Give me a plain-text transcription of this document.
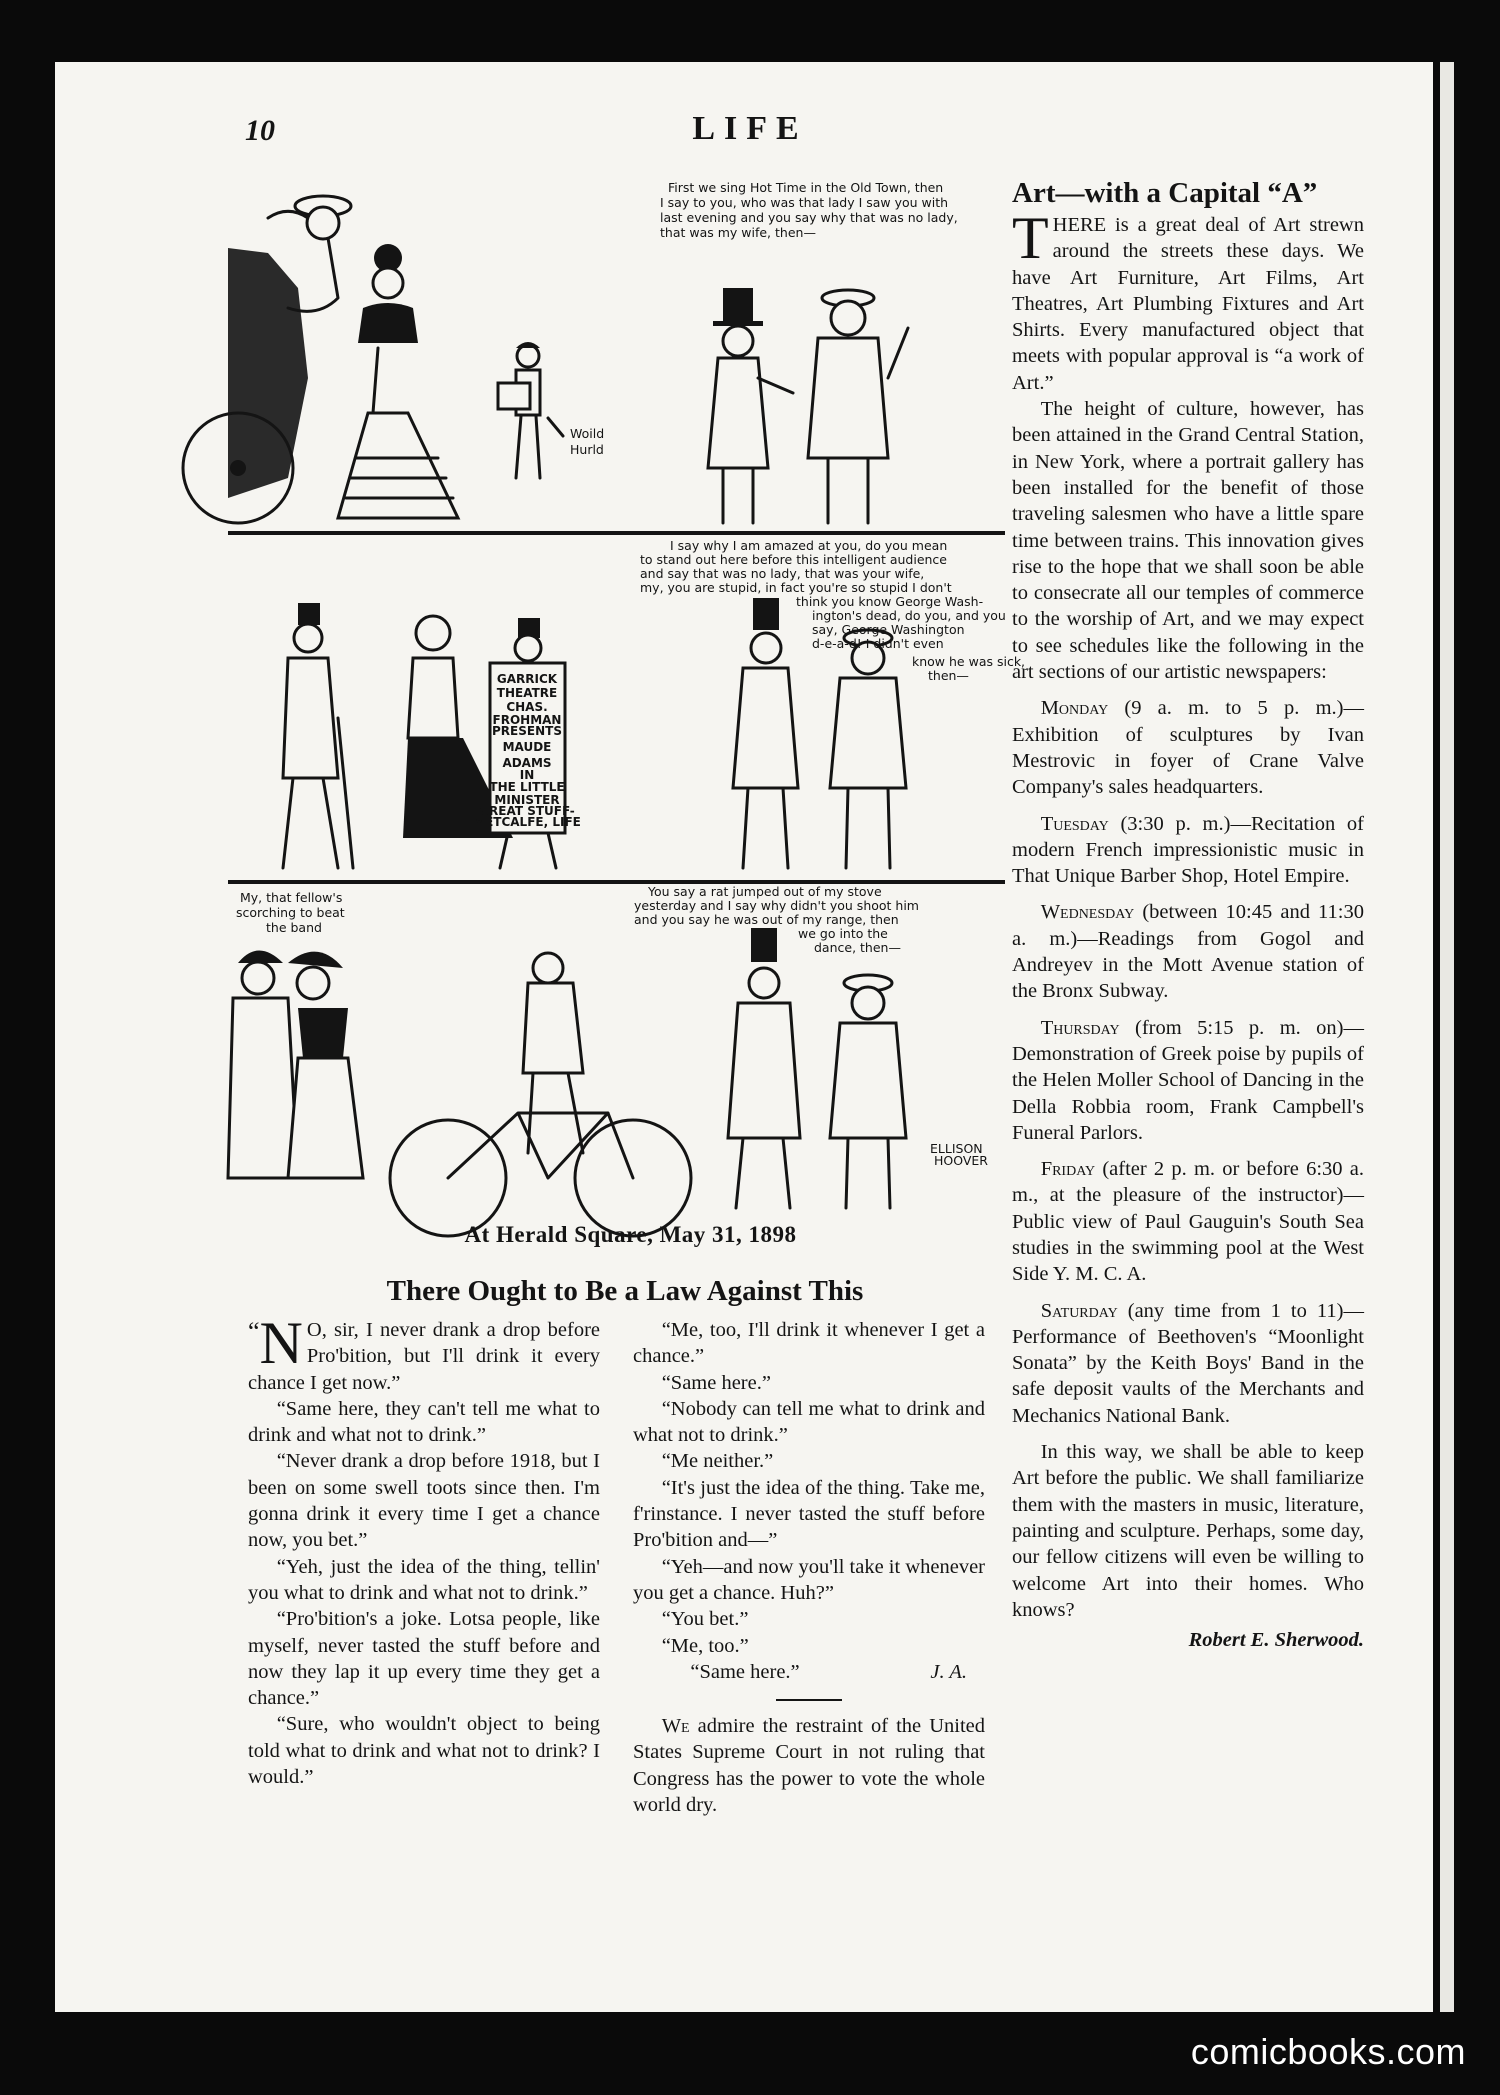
10	LIFE
Woild
Hurld
First we sing Hot Time in the Old Town, then
I say to you, who was that lady I saw you with
last evening and you say why that was no lady,
that was my wife, then—
GARRICK
THEATRE
CHAS.
FROHMAN
PRESENTS
MAUDE
ADAMS
IN
THE LITTLE
MINISTER
GREAT STUFF-
METCALFE, LIFE
I say why I am amazed at you, do you mean
to stand out here before this intelligent audience
and say that was no lady, that was your wife,
my, you are stupid, in fact you're so stupid I don't
think you know George Wash-
ington's dead, do you, and you
say, George Washington
d-e-a-d! I didn't even
know he was sick,
then—
My, that fellow's
scorching to beat
the band
You say a rat jumped out of my stove
yesterday and I say why didn't you shoot him
and you say he was out of my range, then
we go into the
dance, then—
ELLISON
HOOVER
At Herald Square, May 31, 1898
Art—with a Capital “A”

THERE is a great deal of Art strewn around the streets these days. We have Art Furniture, Art Films, Art Theatres, Art Plumbing Fixtures and Art Shirts. Every manufactured object that meets with popular approval is “a work of Art.”

The height of culture, however, has been attained in the Grand Central Station, in New York, where a portrait gallery has been installed for the benefit of those traveling salesmen who have a little spare time between trains. This innovation gives rise to the hope that we shall soon be able to consecrate all our temples of commerce to the worship of Art, and we may expect to see schedules like the following in the art sections of our artistic newspapers:

Monday (9 a. m. to 5 p. m.)—Exhibition of sculptures by Ivan Mestrovic in foyer of Crane Valve Company's sales headquarters.

Tuesday (3:30 p. m.)—Recitation of modern French impressionistic music in That Unique Barber Shop, Hotel Empire.

Wednesday (between 10:45 and 11:30 a. m.)—Readings from Gogol and Andreyev in the Mott Avenue station of the Bronx Subway.

Thursday (from 5:15 p. m. on)—Demonstration of Greek poise by pupils of the Helen Moller School of Dancing in the Della Robbia room, Frank Campbell's Funeral Parlors.

Friday (after 2 p. m. or before 6:30 a. m., at the pleasure of the instructor)—Public view of Paul Gauguin's South Sea studies in the swimming pool at the West Side Y. M. C. A.

Saturday (any time from 1 to 11)—Performance of Beethoven's “Moonlight Sonata” by the Keith Boys' Band in the safe deposit vaults of the Merchants and Mechanics National Bank.

In this way, we shall be able to keep Art before the public. We shall familiarize them with the masters in music, literature, painting and sculpture. Perhaps, some day, our fellow citizens will even be willing to welcome Art into their homes. Who knows?

Robert E. Sherwood.
There Ought to Be a Law Against This

“ N O, sir, I never drank a drop before Pro'bition, but I'll drink it every chance I get now.”

“Same here, they can't tell me what to drink and what not to drink.”

“Never drank a drop before 1918, but I been on some swell toots since then. I'm gonna drink it every time I get a chance now, you bet.”

“Yeh, just the idea of the thing, tellin' you what to drink and what not to drink.”

“Pro'bition's a joke. Lotsa people, like myself, never tasted the stuff before and now they lap it up every time they get a chance.”

“Sure, who wouldn't object to being told what to drink and what not to drink? I would.”

“Me, too, I'll drink it whenever I get a chance.”

“Same here.”

“Nobody can tell me what to drink and what not to drink.”

“Me neither.”

“It's just the idea of the thing. Take me, f'rinstance. I never tasted the stuff before Pro'bition and—”

“Yeh—and now you'll take it whenever you get a chance. Huh?”

“You bet.”

“Me, too.”

“Same here.”	J. A.

We admire the restraint of the United States Supreme Court in not ruling that Congress has the power to vote the whole world dry.

comicbooks.com
